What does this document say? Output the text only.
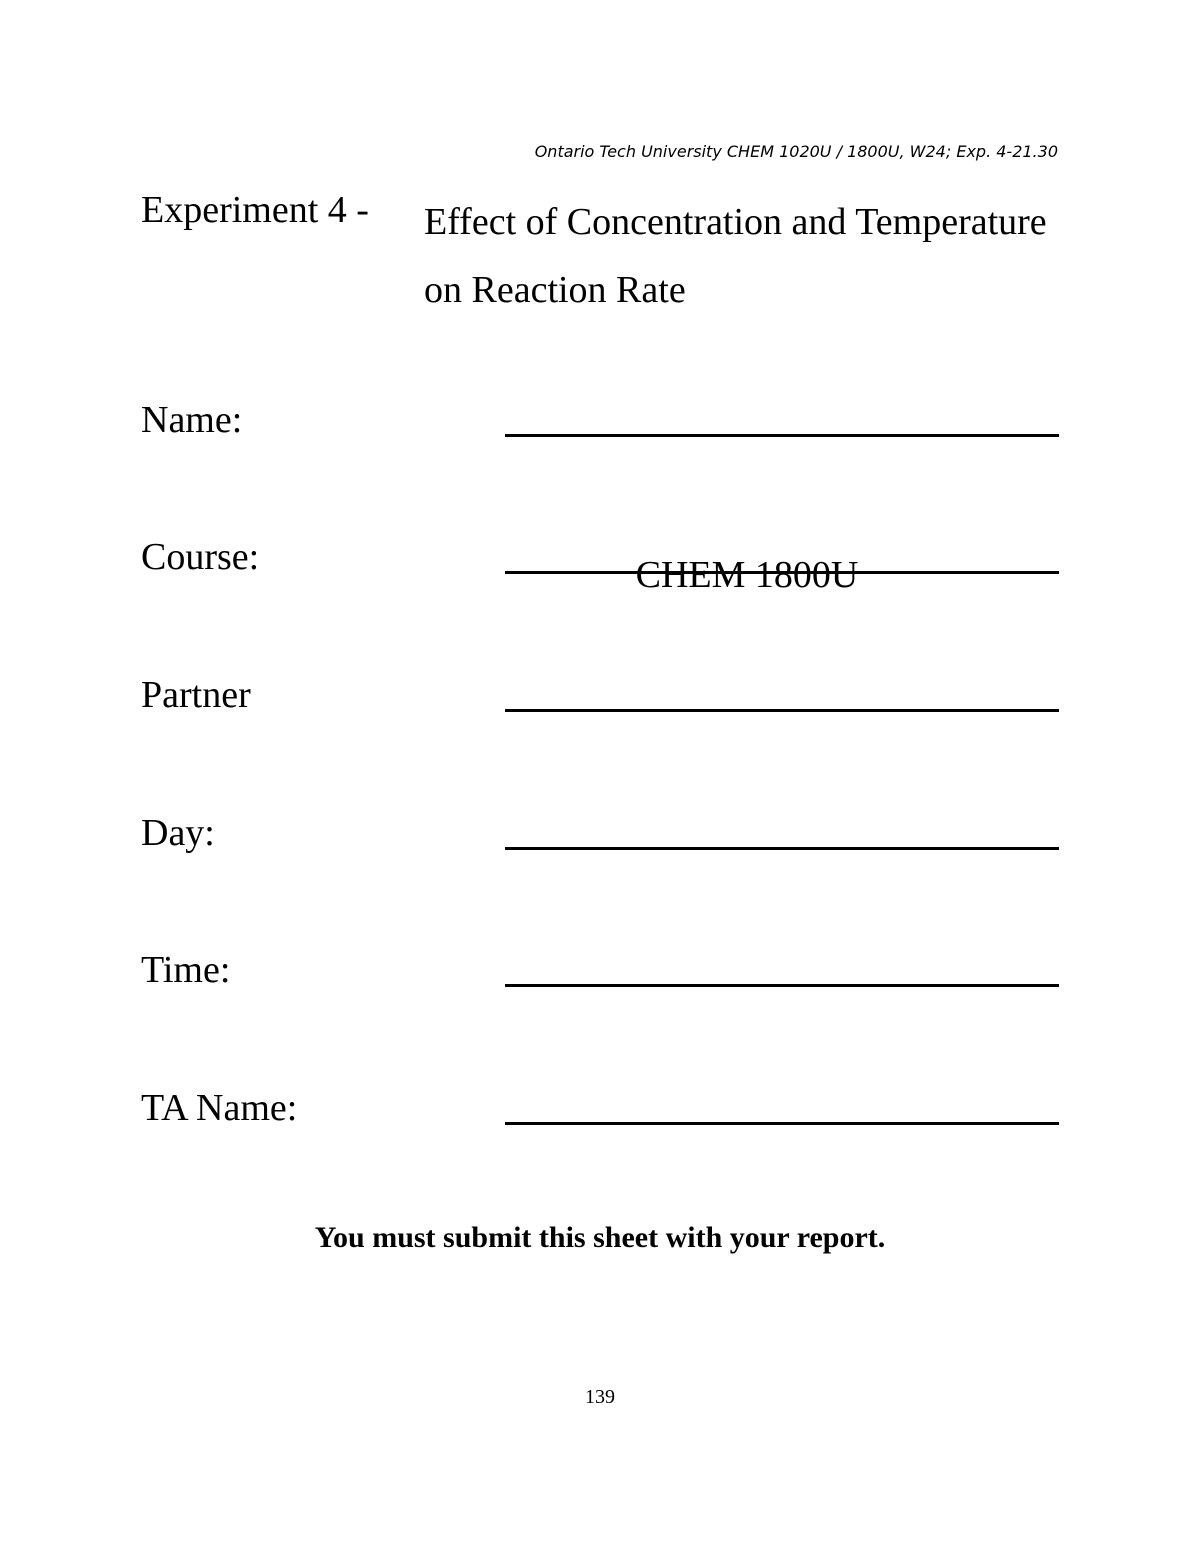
Ontario Tech University CHEM 1020U / 1800U, W24; Exp. 4-21.30
Experiment 4 - Effect of Concentration and Temperature on Reaction Rate
Name:
Course:	CHEM 1800U
Partner
Day:
Time:
TA Name:
You must submit this sheet with your report.
139
